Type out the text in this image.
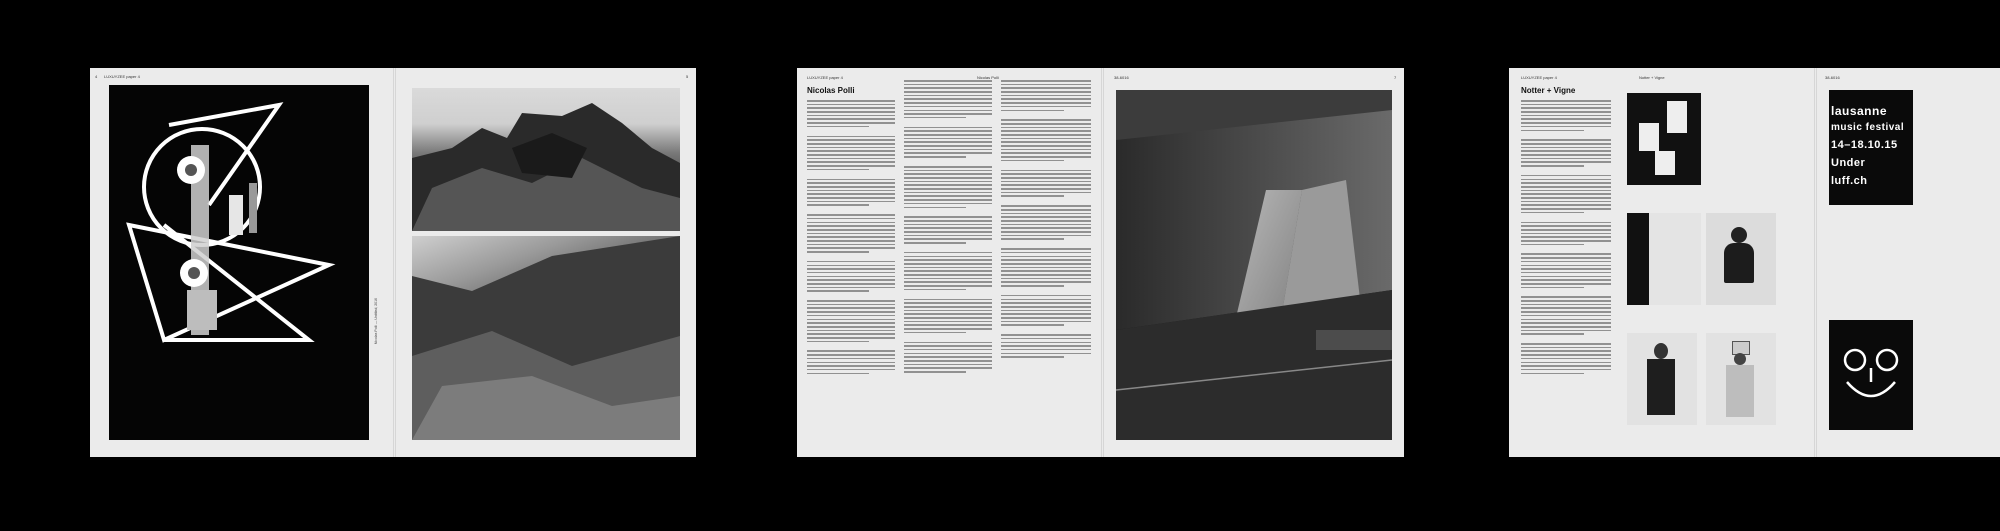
LUXUYZEE paper 4
4
Nicolas Polli — Untitled, 2016
5	LUXUYZEE paper 4	Nicolas Polli
Nicolas Polli
38-6016	7	LUXUYZEE paper 4	Notter + Vigne
Notter + Vigne
38-6016
lausanne
music festival
14–18.10.15
Under
luff.ch
